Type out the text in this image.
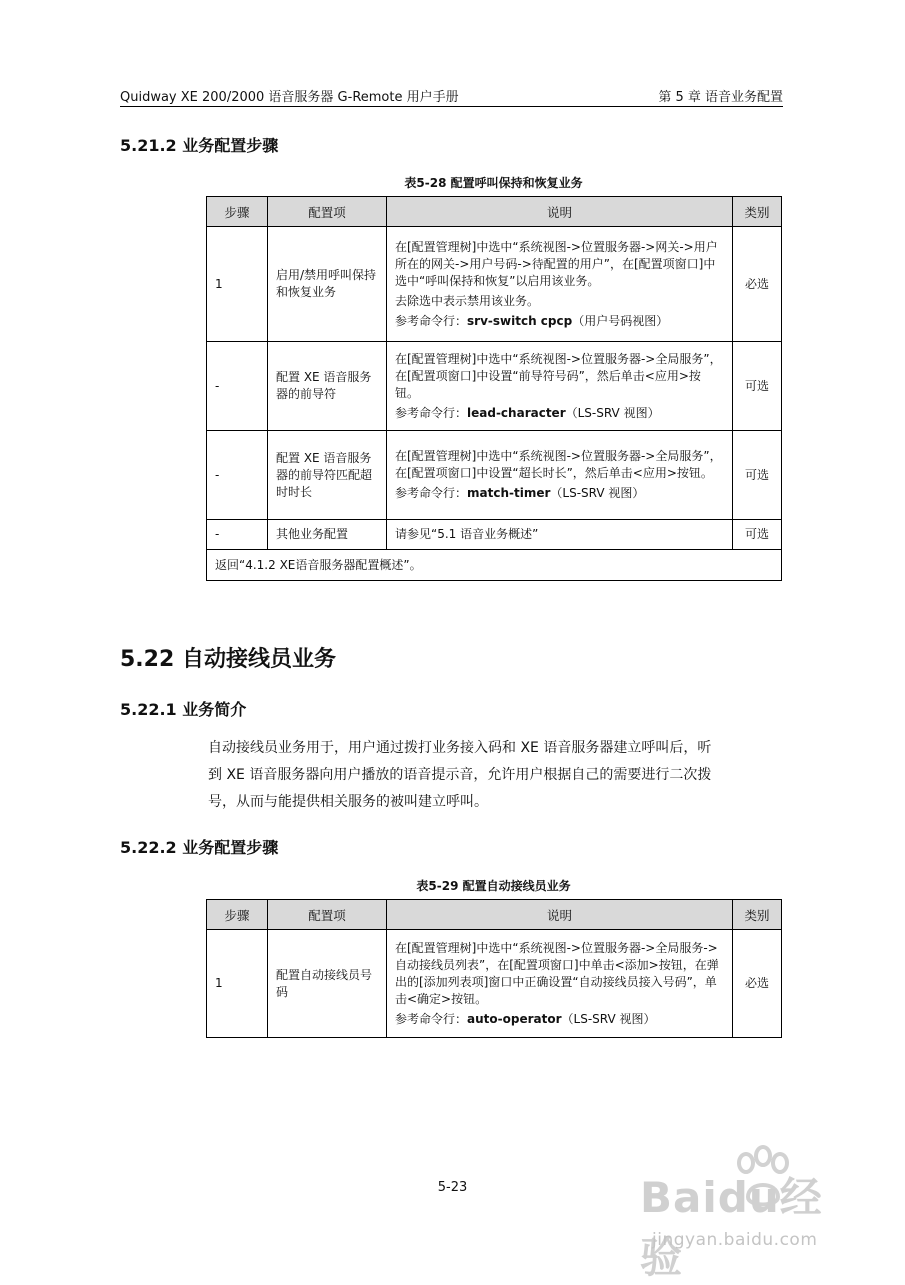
Quidway XE 200/2000 语音服务器 G-Remote 用户手册	第 5 章 语音业务配置
5.21.2 业务配置步骤
表5-28 配置呼叫保持和恢复业务
步骤	配置项	说明	类别
1	启用/禁用呼叫保持和恢复业务	在[配置管理树]中选中“系统视图->位置服务器->网关->用户所在的网关->用户号码->待配置的用户”，在[配置项窗口]中选中“呼叫保持和恢复”以启用该业务。

去除选中表示禁用该业务。

参考命令行：srv-switch cpcp（用户号码视图）	必选
-	配置 XE 语音服务器的前导符	在[配置管理树]中选中“系统视图->位置服务器->全局服务”，在[配置项窗口]中设置“前导符号码”，然后单击<应用>按钮。

参考命令行：lead-character（LS-SRV 视图）	可选
-	配置 XE 语音服务器的前导符匹配超时时长	在[配置管理树]中选中“系统视图->位置服务器->全局服务”，在[配置项窗口]中设置“超长时长”，然后单击<应用>按钮。

参考命令行：match-timer（LS-SRV 视图）	可选
-	其他业务配置	请参见“5.1 语音业务概述”	可选
返回“4.1.2 XE语音服务器配置概述”。			
5.22 自动接线员业务
5.22.1 业务简介
自动接线员业务用于，用户通过拨打业务接入码和 XE 语音服务器建立呼叫后，听
到 XE 语音服务器向用户播放的语音提示音，允许用户根据自己的需要进行二次拨
号，从而与能提供相关服务的被叫建立呼叫。
5.22.2 业务配置步骤
表5-29 配置自动接线员业务
步骤	配置项	说明	类别
1	配置自动接线员号码	在[配置管理树]中选中“系统视图->位置服务器->全局服务->自动接线员列表”，在[配置项窗口]中单击<添加>按钮，在弹出的[添加列表项]窗口中正确设置“自动接线员接入号码”，单击<确定>按钮。

参考命令行：auto-operator（LS-SRV 视图）	必选
5-23	Baidu经验
jingyan.baidu.com
